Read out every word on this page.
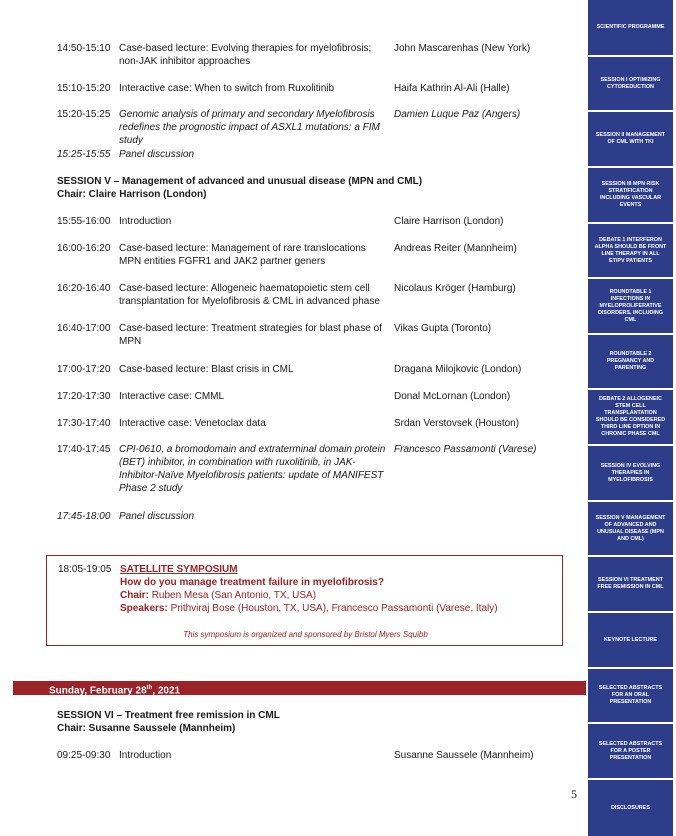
14:50-15:10 Case-based lecture: Evolving therapies for myelofibrosis; non-JAK inhibitor approaches
John Mascarenhas (New York)
15:10-15:20 Interactive case: When to switch from Ruxolitinib	Haifa Kathrin Al-Ali (Halle)
15:20-15:25 Genomic analysis of primary and secondary Myelofibrosis redefines the prognostic impact of ASXL1 mutations: a FIM study
Damien Luque Paz (Angers)
15:25-15:55 Panel discussion
SESSION V – Management of advanced and unusual disease (MPN and CML)
Chair: Claire Harrison (London)
15:55-16:00 Introduction	Claire Harrison (London)
16:00-16:20 Case-based lecture: Management of rare translocations MPN entities FGFR1 and JAK2 partner geners
Andreas Reiter (Mannheim)
16:20-16:40 Case-based lecture: Allogeneic haematopoietic stem cell transplantation for Myelofibrosis & CML in advanced phase
Nicolaus Kröger (Hamburg)
16:40-17:00 Case-based lecture: Treatment strategies for blast phase of MPN
Vikas Gupta (Toronto)
17:00-17:20 Case-based lecture: Blast crisis in CML	Dragana Milojkovic (London)
17:20-17:30 Interactive case: CMML	Donal McLornan (London)
17:30-17:40 Interactive case: Venetoclax data	Srdan Verstovsek (Houston)
17:40-17:45 CPI-0610, a bromodomain and extraterminal domain protein (BET) inhibitor, in combination with ruxolitinib, in JAK-Inhibitor-Naïve Myelofibrosis patients: update of MANIFEST Phase 2 study
Francesco Passamonti (Varese)
17:45-18:00 Panel discussion
18:05-19:05 SATELLITE SYMPOSIUM
How do you manage treatment failure in myelofibrosis?
Chair: Ruben Mesa (San Antonio, TX, USA)
Speakers: Prithviraj Bose (Houston, TX, USA), Francesco Passamonti (Varese, Italy)
This symposium is organized and sponsored by Bristol Myers Squibb
Sunday, February 28th, 2021
SESSION VI – Treatment free remission in CML
Chair: Susanne Saussele (Mannheim)
09:25-09:30 Introduction	Susanne Saussele (Mannheim)
5
SCIENTIFIC PROGRAMME
SESSION I OPTIMIZING CYTOREDUCTION
SESSION II MANAGEMENT OF CML WITH TKI
SESSION III MPN RISK STRATIFICATION INCLUDING VASCULAR EVENTS
DEBATE 1 INTERFERON ALPHA SHOULD BE FRONT LINE THERAPY IN ALL ET/PV PATIENTS
ROUNDTABLE 1 INFECTIONS IN MYELOPROLIFERATIVE DISORDERS, INCLUDING CML
ROUNDTABLE 2 PREGNANCY AND PARENTING
DEBATE 2 ALLOGENEIC STEM CELL TRANSPLANTATION SHOULD BE CONSIDERED THIRD LINE OPTION IN CHRONIC PHASE CML
SESSION IV EVOLVING THERAPIES IN MYELOFIBROSIS
SESSION V MANAGEMENT OF ADVANCED AND UNUSUAL DISEASE (MPN AND CML)
SESSION VI TREATMENT FREE REMISSION IN CML
KEYNOTE LECTURE
SELECTED ABSTRACTS FOR AN ORAL PRESENTATION
SELECTED ABSTRACTS FOR A POSTER PRESENTATION
DISCLOSURES
